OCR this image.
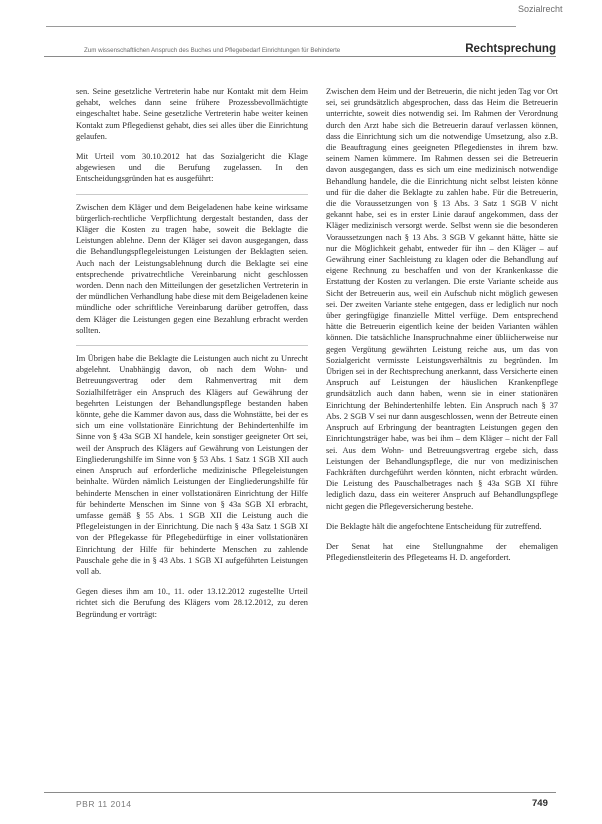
Sozialrecht
Zum wissenschaftlichen Anspruch des Buches und Pflegebedarf Einrichtungen für Behinderte	Rechtsprechung

sen. Seine gesetzliche Vertreterin habe nur Kontakt mit dem Heim gehabt, welches dann seine frühere Prozessbevollmächtigte eingeschaltet habe. Seine gesetzliche Vertreterin habe weiter keinen Kontakt zum Pflegedienst gehabt, dies sei alles über die Einrichtung gelaufen.

Mit Urteil vom 30.10.2012 hat das Sozialgericht die Klage abgewiesen und die Berufung zugelassen. In den Entscheidungsgründen hat es ausgeführt:

Zwischen dem Kläger und dem Beigeladenen habe keine wirksame bürgerlich-rechtliche Verpflichtung dergestalt bestanden, dass der Kläger die Kosten zu tragen habe, soweit die Beklagte die Leistungen ablehne. Denn der Kläger sei davon ausgegangen, dass die Behandlungspflegeleistungen Leistungen der Beklagten seien. Auch nach der Leistungsablehnung durch die Beklagte sei eine entsprechende privatrechtliche Vereinbarung nicht geschlossen worden. Denn nach den Mitteilungen der gesetzlichen Vertreterin in der mündlichen Verhandlung habe diese mit dem Beigeladenen keine mündliche oder schriftliche Vereinbarung darüber getroffen, dass dem Kläger die Leistungen gegen eine Bezahlung erbracht werden sollten.

Im Übrigen habe die Beklagte die Leistungen auch nicht zu Unrecht abgelehnt. Unabhängig davon, ob nach dem Wohn- und Betreuungsvertrag oder dem Rahmenvertrag mit dem Sozialhilfeträger ein Anspruch des Klägers auf Gewährung der begehrten Leistungen der Behandlungspflege bestanden haben könnte, gehe die Kammer davon aus, dass die Wohnstätte, bei der es sich um eine vollstationäre Einrichtung der Behindertenhilfe im Sinne von § 43a SGB XI handele, kein sonstiger geeigneter Ort sei, weil der Anspruch des Klägers auf Gewährung von Leistungen der Eingliederungshilfe im Sinne von § 53 Abs. 1 Satz 1 SGB XII auch einen Anspruch auf erforderliche medizinische Pflegeleistungen beinhalte. Würden nämlich Leistungen der Eingliederungshilfe für behinderte Menschen in einer vollstationären Einrichtung der Hilfe für behinderte Menschen im Sinne von § 43a SGB XI erbracht, umfasse gemäß § 55 Abs. 1 SGB XII die Leistung auch die Pflegeleistungen in der Einrichtung. Die nach § 43a Satz 1 SGB XI von der Pflegekasse für Pflegebedürftige in einer vollstationären Einrichtung der Hilfe für behinderte Menschen zu zahlende Pauschale gehe die in § 43 Abs. 1 SGB XI aufgeführten Leistungen voll ab.

Gegen dieses ihm am 10., 11. oder 13.12.2012 zugestellte Urteil richtet sich die Berufung des Klägers vom 28.12.2012, zu deren Begründung er vorträgt:

Zwischen dem Heim und der Betreuerin, die nicht jeden Tag vor Ort sei, sei grundsätzlich abgesprochen, dass das Heim die Betreuerin unterrichte, soweit dies notwendig sei. Im Rahmen der Verordnung durch den Arzt habe sich die Betreuerin darauf verlassen können, dass die Einrichtung sich um die notwendige Umsetzung, also z.B. die Beauftragung eines geeigneten Pflegedienstes in ihrem bzw. seinem Namen kümmere. Im Rahmen dessen sei die Betreuerin davon ausgegangen, dass es sich um eine medizinisch notwendige Behandlung handele, die die Einrichtung nicht selbst leisten könne und für die daher die Beklagte zu zahlen habe. Für die Betreuerin, die die Voraussetzungen von § 13 Abs. 3 Satz 1 SGB V nicht gekannt habe, sei es in erster Linie darauf angekommen, dass der Kläger medizinisch versorgt werde. Selbst wenn sie die besonderen Voraussetzungen nach § 13 Abs. 3 SGB V gekannt hätte, hätte sie nur die Möglichkeit gehabt, entweder für ihn – den Kläger – auf Gewährung einer Sachleistung zu klagen oder die Behandlung auf eigene Rechnung zu beschaffen und von der Krankenkasse die Erstattung der Kosten zu verlangen. Die erste Variante scheide aus Sicht der Betreuerin aus, weil ein Aufschub nicht möglich gewesen sei. Der zweiten Variante stehe entgegen, dass er lediglich nur noch über geringfügige finanzielle Mittel verfüge. Dem entsprechend hätte die Betreuerin eigentlich keine der beiden Varianten wählen können. Die tatsächliche Inanspruchnahme einer übliicherweise nur gegen Vergütung gewährten Leistung reiche aus, um das von Sozialgericht vermisste Leistungsverhältnis zu begründen. Im Übrigen sei in der Rechtsprechung anerkannt, dass Versicherte einen Anspruch auf Leistungen der häuslichen Krankenpflege grundsätzlich auch dann haben, wenn sie in einer stationären Einrichtung der Behindertenhilfe lebten. Ein Anspruch nach § 37 Abs. 2 SGB V sei nur dann ausgeschlossen, wenn der Betreute einen Anspruch auf Erbringung der beantragten Leistungen gegen den Einrichtungsträger habe, was bei ihm – dem Kläger – nicht der Fall sei. Aus dem Wohn- und Betreuungsvertrag ergebe sich, dass Leistungen der Behandlungspflege, die nur von medizinischen Fachkräften durchgeführt werden könnten, nicht erbracht würden. Die Leistung des Pauschalbetrages nach § 43a SGB XI führe lediglich dazu, dass ein weiterer Anspruch auf Behandlungspflege nicht gegen die Pflegeversicherung bestehe.

Die Beklagte hält die angefochtene Entscheidung für zutreffend.

Der Senat hat eine Stellungnahme der ehemaligen Pflegedienstleiterin des Pflegeteams H. D. angefordert.

PBR 11 2014	749
